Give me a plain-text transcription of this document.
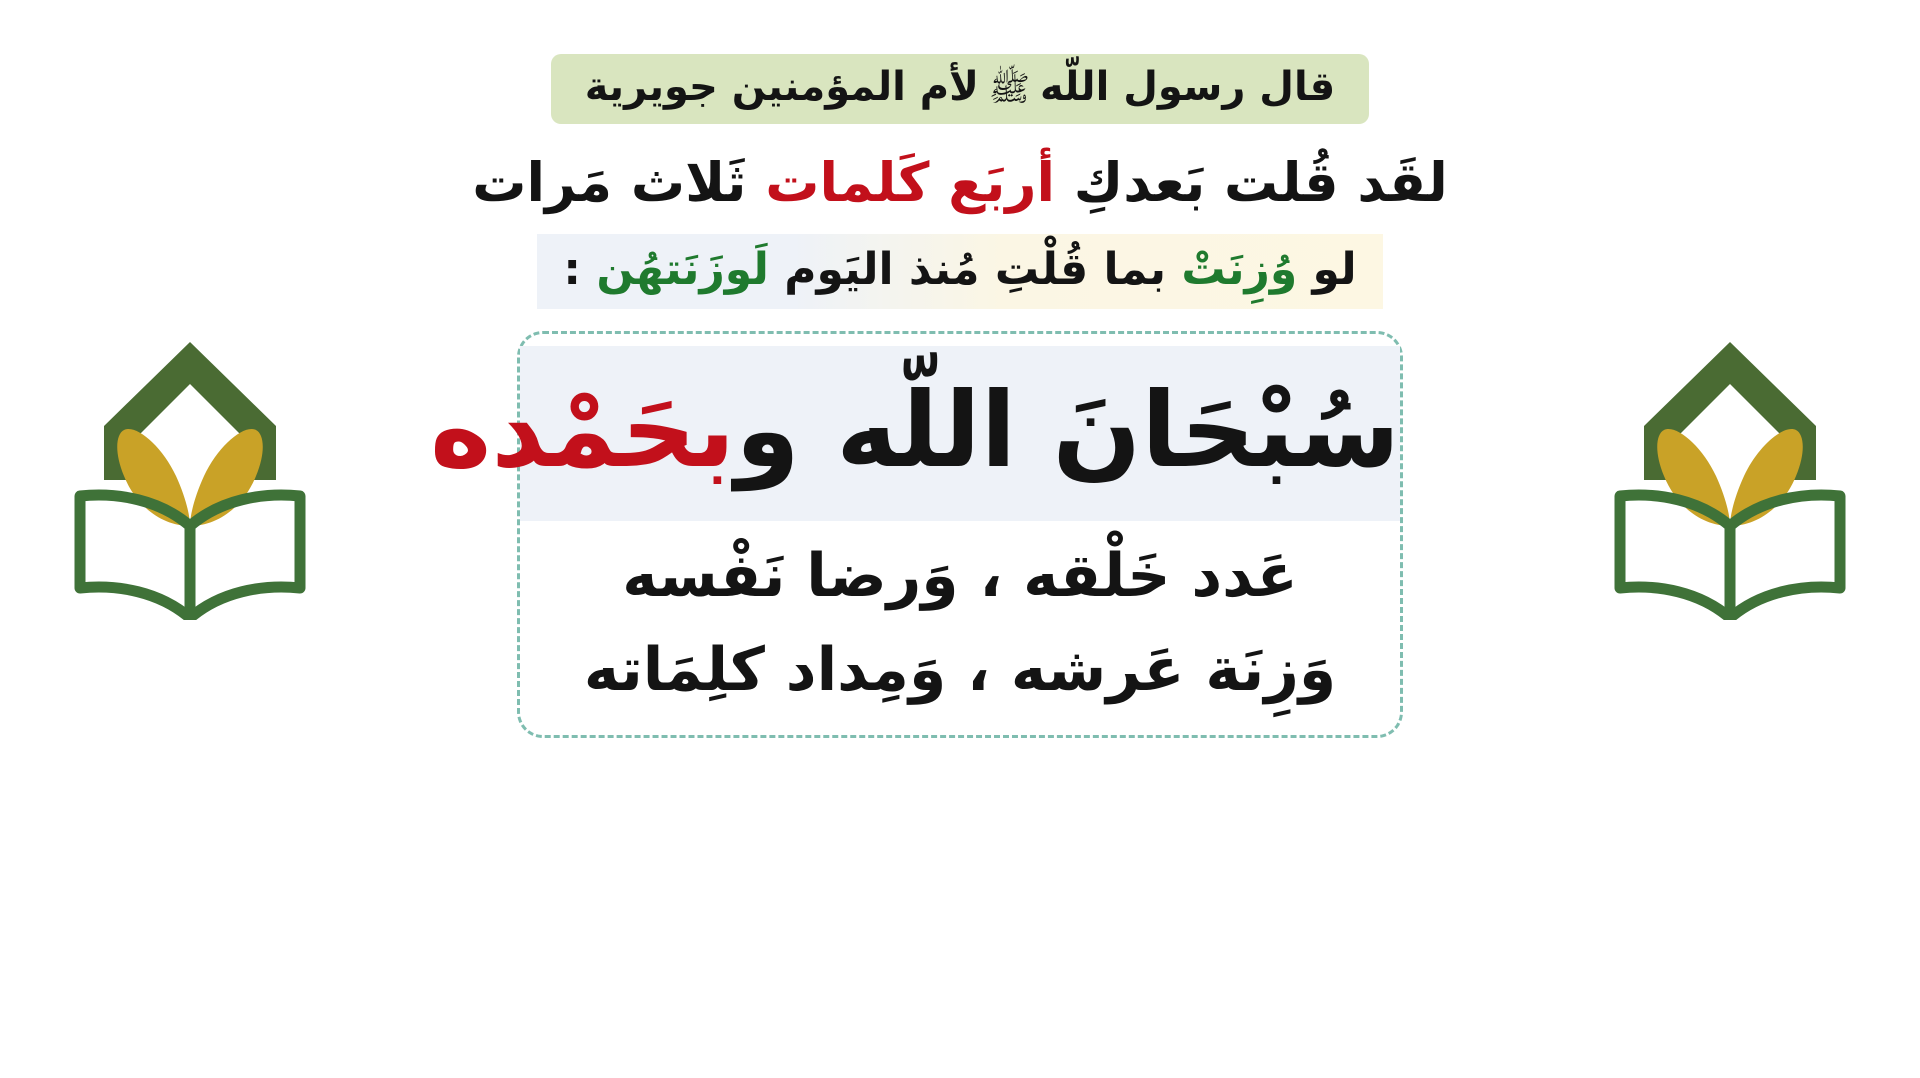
قال رسول اللّه
ﷺ
لأم المؤمنين جويرية
لقَد قُلت بَعدكِ أربَع كَلمات ثَلاث مَرات
لو وُزِنَتْ بما قُلْتِ مُنذ اليَوم لَوزَنَتهُن :
سُبْحَانَ اللّه وبحَمْده
عَدد خَلْقه ، وَرضا نَفْسه
وَزِنَة عَرشه ، وَمِداد كلِمَاته
